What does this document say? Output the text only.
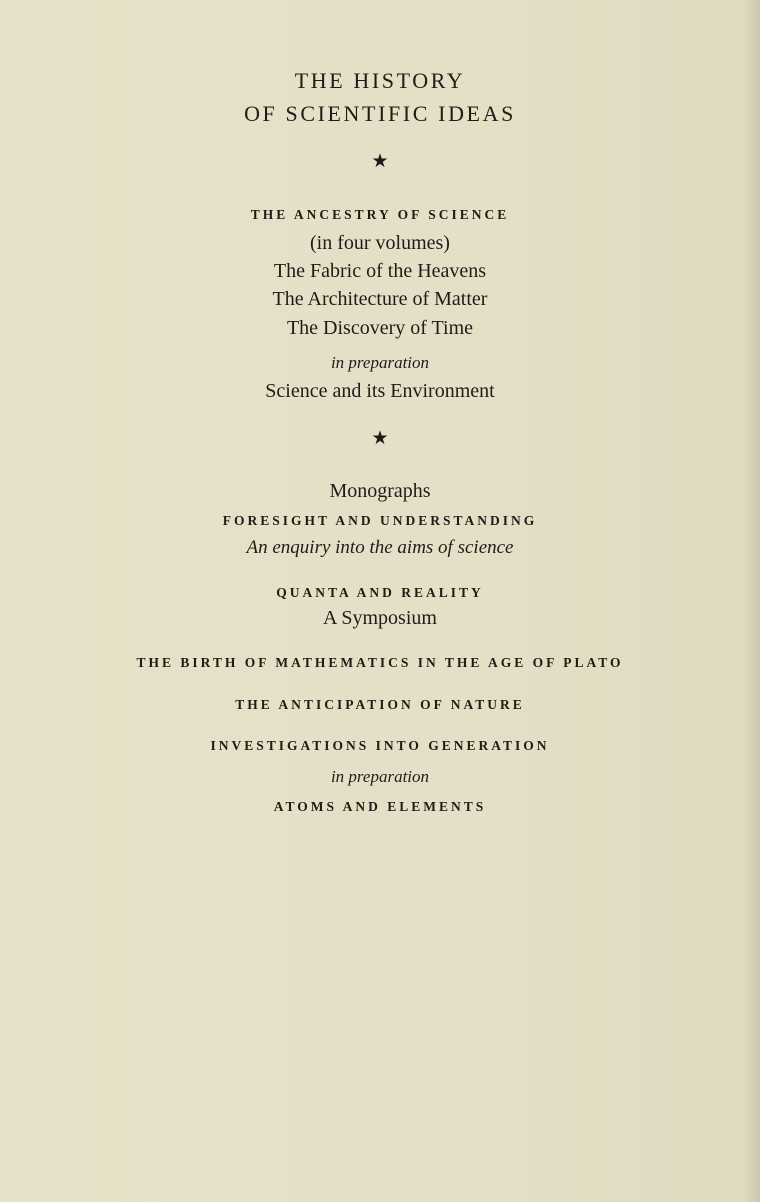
THE HISTORY
OF SCIENTIFIC IDEAS
★
THE ANCESTRY OF SCIENCE
(in four volumes)
The Fabric of the Heavens
The Architecture of Matter
The Discovery of Time
in preparation
Science and its Environment
★
Monographs
FORESIGHT AND UNDERSTANDING
An enquiry into the aims of science
QUANTA AND REALITY
A Symposium
THE BIRTH OF MATHEMATICS IN THE AGE OF PLATO
THE ANTICIPATION OF NATURE
INVESTIGATIONS INTO GENERATION
in preparation
ATOMS AND ELEMENTS
